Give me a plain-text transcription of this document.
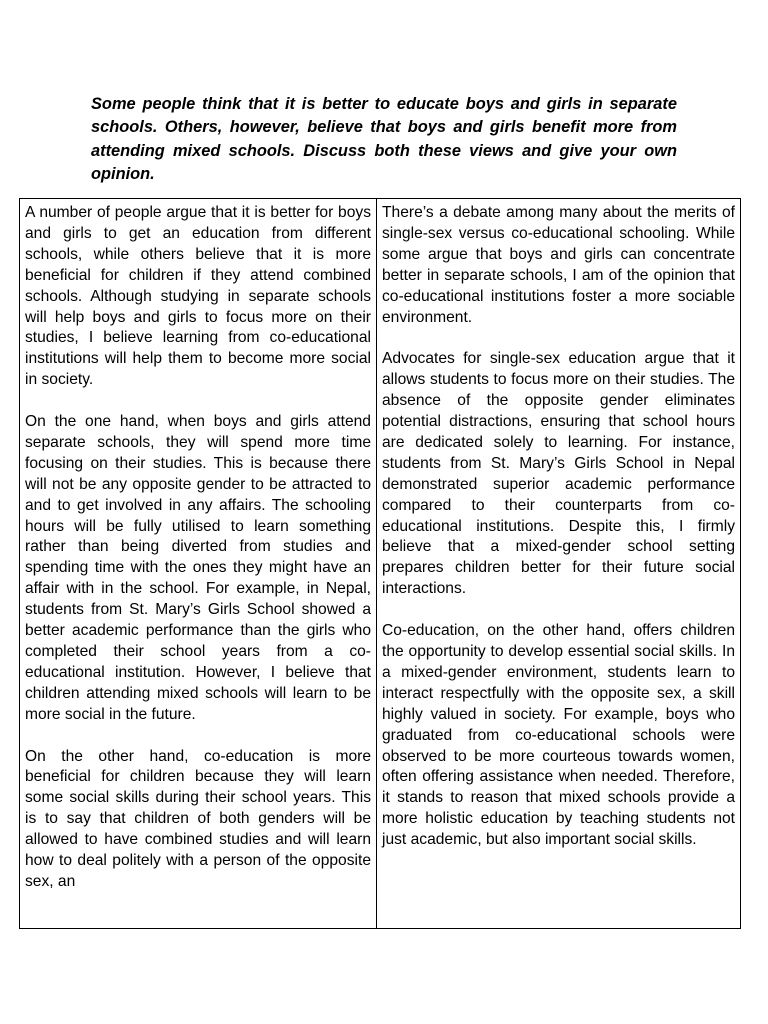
Some people think that it is better to educate boys and girls in separate schools. Others, however, believe that boys and girls benefit more from attending mixed schools. Discuss both these views and give your own opinion.

A number of people argue that it is better for boys and girls to get an education from different schools, while others believe that it is more beneficial for children if they attend combined schools. Although studying in separate schools will help boys and girls to focus more on their studies, I believe learning from co-educational institutions will help them to become more social in society.

On the one hand, when boys and girls attend separate schools, they will spend more time focusing on their studies. This is because there will not be any opposite gender to be attracted to and to get involved in any affairs. The schooling hours will be fully utilised to learn something rather than being diverted from studies and spending time with the ones they might have an affair with in the school. For example, in Nepal, students from St. Mary’s Girls School showed a better academic performance than the girls who completed their school years from a co-educational institution. However, I believe that children attending mixed schools will learn to be more social in the future.

On the other hand, co-education is more beneficial for children because they will learn some social skills during their school years. This is to say that children of both genders will be allowed to have combined studies and will learn how to deal politely with a person of the opposite sex, an

There’s a debate among many about the merits of single-sex versus co-educational schooling. While some argue that boys and girls can concentrate better in separate schools, I am of the opinion that co-educational institutions foster a more sociable environment.

Advocates for single-sex education argue that it allows students to focus more on their studies. The absence of the opposite gender eliminates potential distractions, ensuring that school hours are dedicated solely to learning. For instance, students from St. Mary’s Girls School in Nepal demonstrated superior academic performance compared to their counterparts from co-educational institutions. Despite this, I firmly believe that a mixed-gender school setting prepares children better for their future social interactions.

Co-education, on the other hand, offers children the opportunity to develop essential social skills. In a mixed-gender environment, students learn to interact respectfully with the opposite sex, a skill highly valued in society. For example, boys who graduated from co-educational schools were observed to be more courteous towards women, often offering assistance when needed. Therefore, it stands to reason that mixed schools provide a more holistic education by teaching students not just academic, but also important social skills.
